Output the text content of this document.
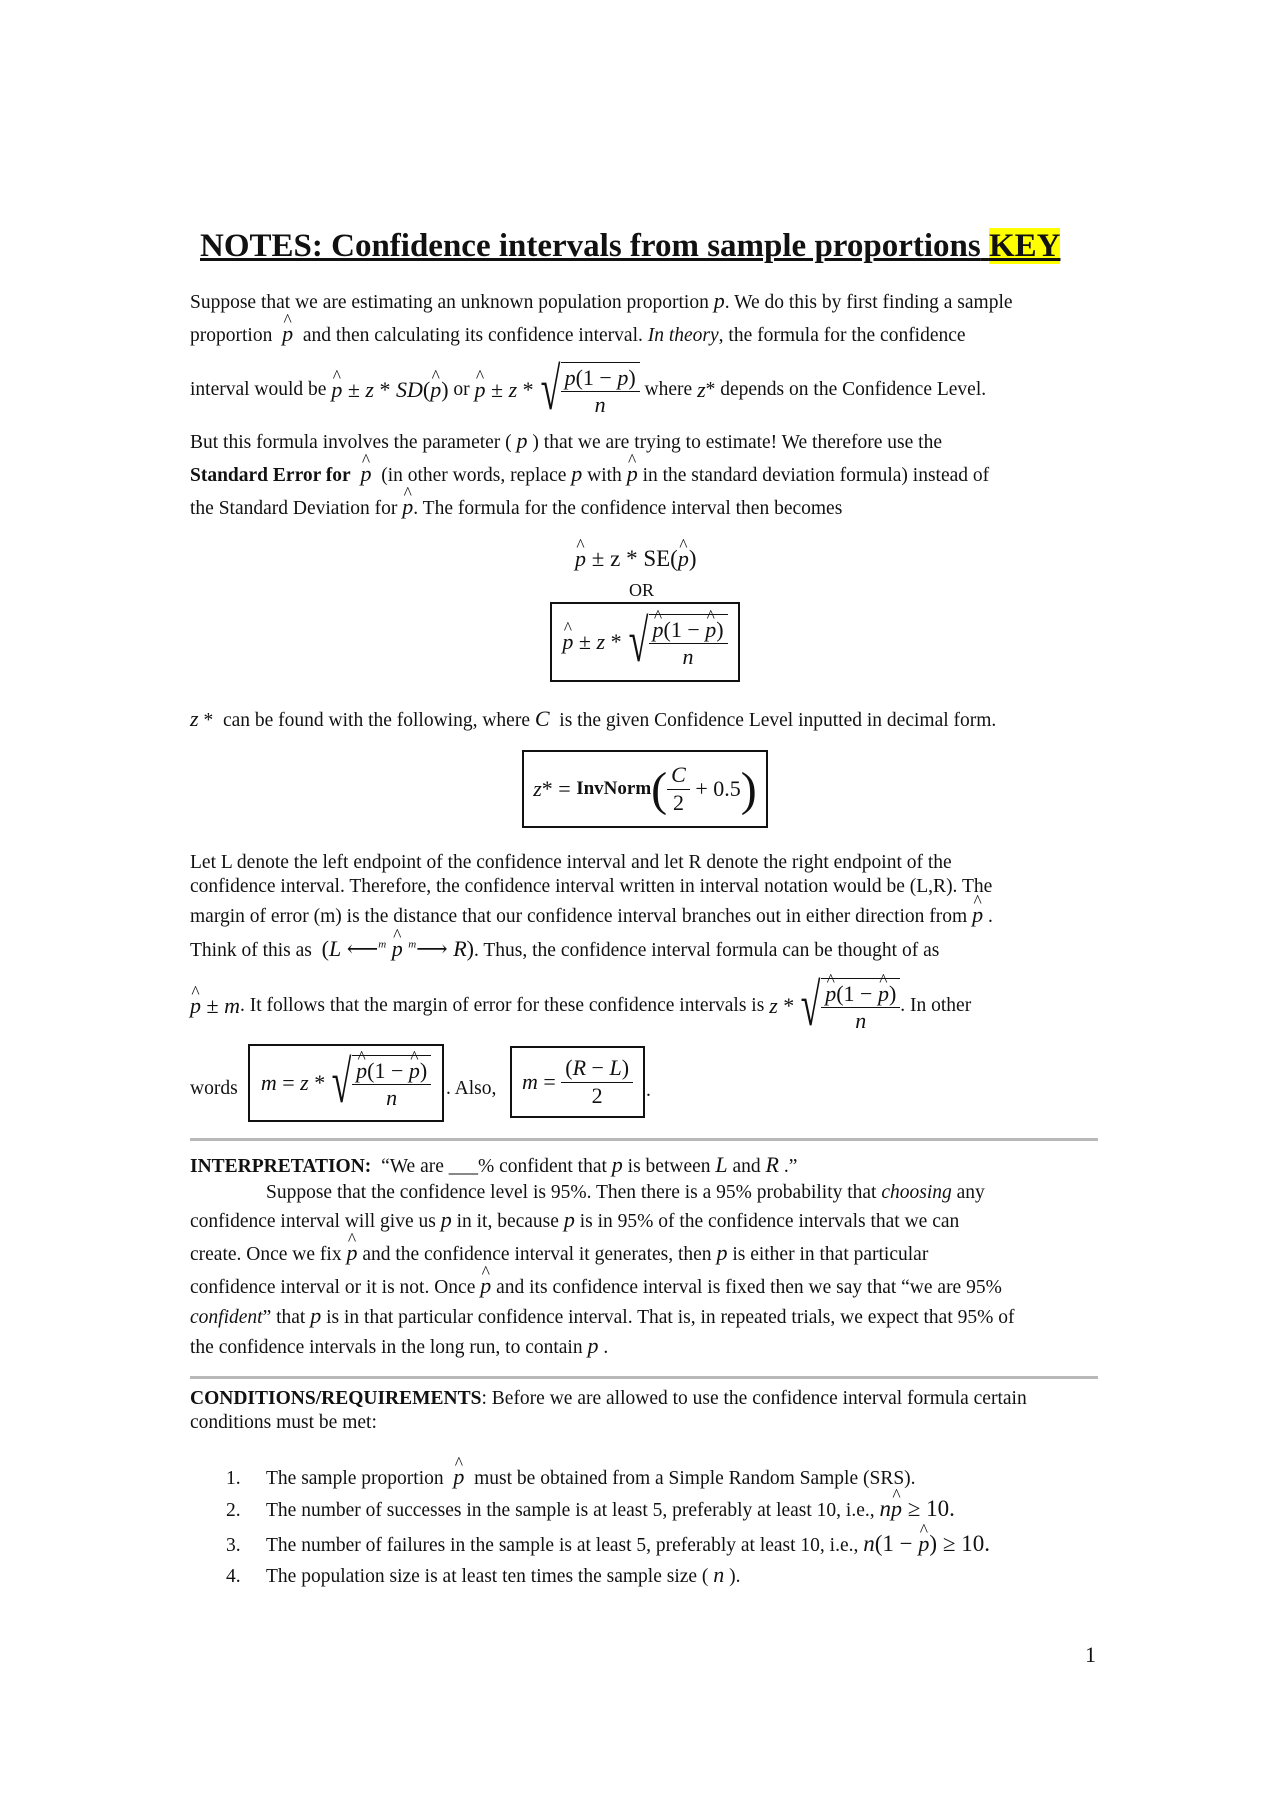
NOTES: Confidence intervals from sample proportions KEY
Suppose that we are estimating an unknown population proportion p. We do this by first finding a sample
proportion ^ p and then calculating its confidence interval. In theory, the formula for the confidence
interval would be
^ p ± z * SD(^ p)
or
^ p ± z * √ $\frac{p(1 - p)}{n}$
where
z * depends on the Confidence Level.
But this formula involves the parameter ( p ) that we are trying to estimate! We therefore use the
Standard Error for ^ p (in other words, replace p with ^ p in the standard deviation formula) instead of
the Standard Deviation for ^ p. The formula for the confidence interval then becomes
^ p ± z * SE(^ p)
OR
^ p ± z * √ ^ $\frac{p(1 - \^{} p)}{n}$
z *  can be found with the following, where C is the given Confidence Level inputted in decimal form.
z * = InvNorm ( $\frac{C}{2}$
+ 0.5 )
Let L denote the left endpoint of the confidence interval and let R denote the right endpoint of the
confidence interval. Therefore, the confidence interval written in interval notation would be (L,R). The
margin of error (m) is the distance that our confidence interval branches out in either direction from ^ p .
Think of this as (L ⟵$^m$ ^ p $^m$⟶ R). Thus, the confidence interval formula can be thought of as
^ p ± m . It follows that the margin of error for these confidence intervals is
z * √ ^ $\frac{p(1 - \^{} p)}{n}$ . In other
words m = z * √ ^ $\frac{p(1 - \^{} p)}{n}$ . Also, $m = \frac{(R - L)}{2}$ .
INTERPRETATION: “We are ___% confident that p is between L and R .”
Suppose that the confidence level is 95%. Then there is a 95% probability that choosing any
confidence interval will give us p in it, because p is in 95% of the confidence intervals that we can
create. Once we fix ^ p and the confidence interval it generates, then p is either in that particular
confidence interval or it is not. Once ^ p and its confidence interval is fixed then we say that “we are 95%
confident” that p is in that particular confidence interval. That is, in repeated trials, we expect that 95% of
the confidence intervals in the long run, to contain p .
CONDITIONS/REQUIREMENTS: Before we are allowed to use the confidence interval formula certain
conditions must be met:
1. The sample proportion ^ p must be obtained from a Simple Random Sample (SRS).
2. The number of successes in the sample is at least 5, preferably at least 10, i.e., n^ p ≥ 10.
3. The number of failures in the sample is at least 5, preferably at least 10, i.e., n(1 − ^ p) ≥ 10.
4. The population size is at least ten times the sample size ( n ).
1
